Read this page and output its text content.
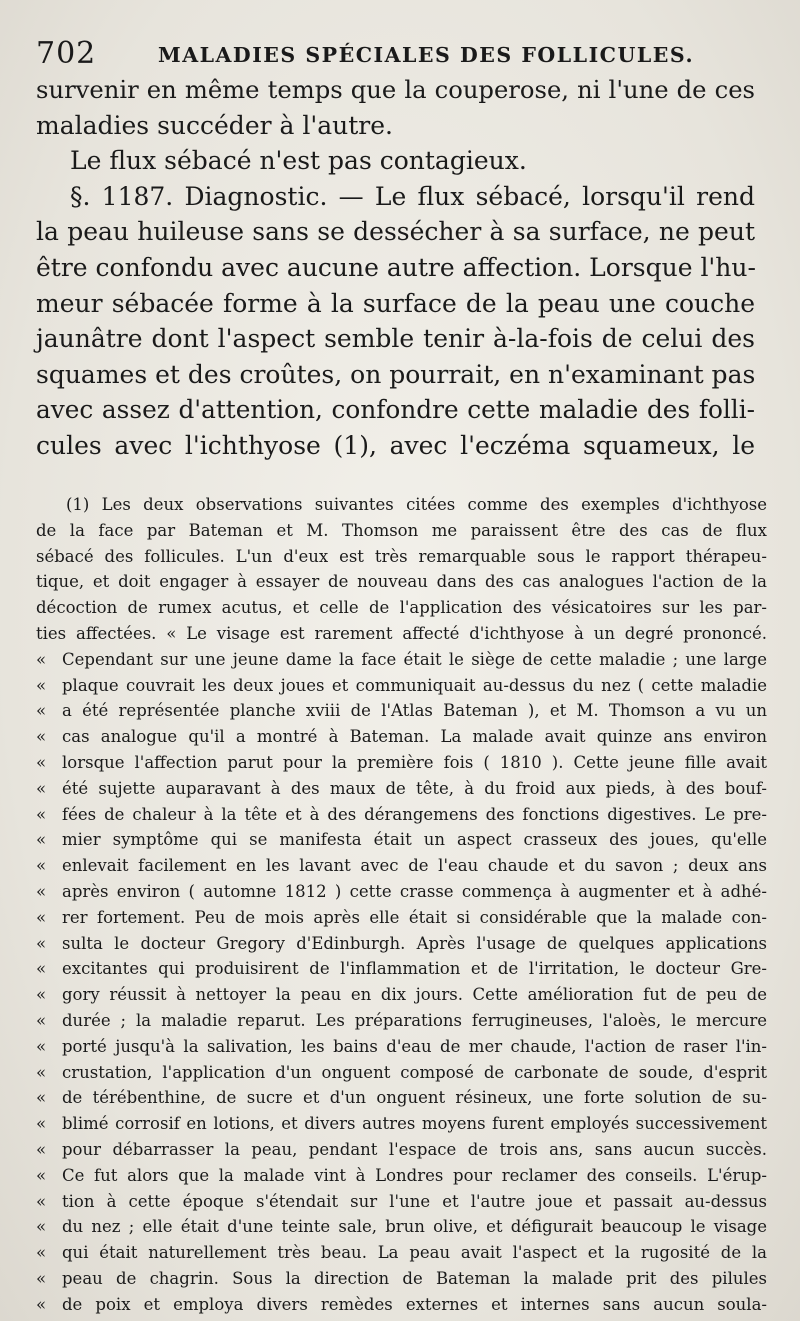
702	MALADIES SPÉCIALES DES FOLLICULES.
survenir en même temps que la couperose, ni l'une de ces
maladies succéder à l'autre.
Le flux sébacé n'est pas contagieux.
§. 1187. Diagnostic. — Le flux sébacé, lorsqu'il rend
la peau huileuse sans se dessécher à sa surface, ne peut
être confondu avec aucune autre affection. Lorsque l'hu-
meur sébacée forme à la surface de la peau une couche
jaunâtre dont l'aspect semble tenir à-la-fois de celui des
squames et des croûtes, on pourrait, en n'examinant pas
avec assez d'attention, confondre cette maladie des folli-
cules avec l'ichthyose (1), avec l'eczéma squameux, le
(1) Les deux observations suivantes citées comme des exemples d'ichthyose
de la face par Bateman et M. Thomson me paraissent être des cas de flux
sébacé des follicules. L'un d'eux est très remarquable sous le rapport thérapeu-
tique, et doit engager à essayer de nouveau dans des cas analogues l'action de la
décoction de rumex acutus, et celle de l'application des vésicatoires sur les par-
ties affectées. « Le visage est rarement affecté d'ichthyose à un degré prononcé.
« Cependant sur une jeune dame la face était le siège de cette maladie ; une large
« plaque couvrait les deux joues et communiquait au-dessus du nez ( cette maladie
« a été représentée planche xviii de l'Atlas Bateman ), et M. Thomson a vu un
« cas analogue qu'il a montré à Bateman. La malade avait quinze ans environ
« lorsque l'affection parut pour la première fois ( 1810 ). Cette jeune fille avait
« été sujette auparavant à des maux de tête, à du froid aux pieds, à des bouf-
« fées de chaleur à la tête et à des dérangemens des fonctions digestives. Le pre-
« mier symptôme qui se manifesta était un aspect crasseux des joues, qu'elle
« enlevait facilement en les lavant avec de l'eau chaude et du savon ; deux ans
« après environ ( automne 1812 ) cette crasse commença à augmenter et à adhé-
« rer fortement. Peu de mois après elle était si considérable que la malade con-
« sulta le docteur Gregory d'Edinburgh. Après l'usage de quelques applications
« excitantes qui produisirent de l'inflammation et de l'irritation, le docteur Gre-
« gory réussit à nettoyer la peau en dix jours. Cette amélioration fut de peu de
« durée ; la maladie reparut. Les préparations ferrugineuses, l'aloès, le mercure
« porté jusqu'à la salivation, les bains d'eau de mer chaude, l'action de raser l'in-
« crustation, l'application d'un onguent composé de carbonate de soude, d'esprit
« de térébenthine, de sucre et d'un onguent résineux, une forte solution de su-
« blimé corrosif en lotions, et divers autres moyens furent employés successivement
« pour débarrasser la peau, pendant l'espace de trois ans, sans aucun succès.
« Ce fut alors que la malade vint à Londres pour reclamer des conseils. L'érup-
« tion à cette époque s'étendait sur l'une et l'autre joue et passait au-dessus
« du nez ; elle était d'une teinte sale, brun olive, et défigurait beaucoup le visage
« qui était naturellement très beau. La peau avait l'aspect et la rugosité de la
« peau de chagrin. Sous la direction de Bateman la malade prit des pilules
« de poix et employa divers remèdes externes et internes sans aucun soula-
